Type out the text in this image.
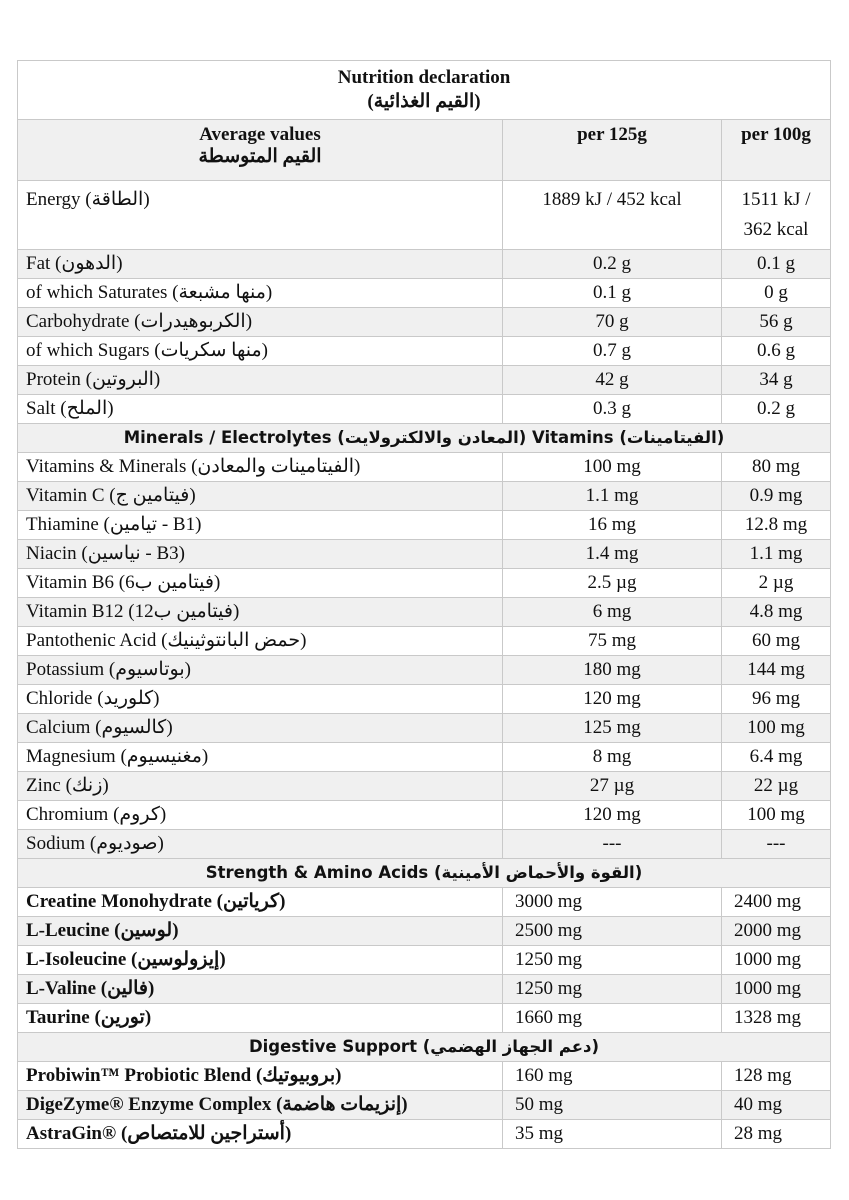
Nutrition declaration
(القيم الغذائية)		

Average values
القيم المتوسطة	per 125g	per 100g
Energy (الطاقة)	1889 kJ / 452 kcal	1511 kJ / 362 kcal
Fat (الدهون)	0.2 g	0.1 g
of which Saturates (منها مشبعة)	0.1 g	0 g
Carbohydrate (الكربوهيدرات)	70 g	56 g
of which Sugars (منها سكريات)	0.7 g	0.6 g
Protein (البروتين)	42 g	34 g
Salt (الملح)	0.3 g	0.2 g
Minerals / Electrolytes (المعادن والالكترولايت) Vitamins (الفيتامينات)		
Vitamins & Minerals (الفيتامينات والمعادن)	100 mg	80 mg
Vitamin C (فيتامين ج)	1.1 mg	0.9 mg
Thiamine (تيامين - B1)	16 mg	12.8 mg
Niacin (نياسين - B3)	1.4 mg	1.1 mg
Vitamin B6 (فيتامين ب6)	2.5 µg	2 µg
Vitamin B12 (فيتامين ب12)	6 mg	4.8 mg
Pantothenic Acid (حمض البانتوثينيك)	75 mg	60 mg
Potassium (بوتاسيوم)	180 mg	144 mg
Chloride (كلوريد)	120 mg	96 mg
Calcium (كالسيوم)	125 mg	100 mg
Magnesium (مغنيسيوم)	8 mg	6.4 mg
Zinc (زنك)	27 µg	22 µg
Chromium (كروم)	120 mg	100 mg
Sodium (صوديوم)	---	---
Strength & Amino Acids (القوة والأحماض الأمينية)		
Creatine Monohydrate (كرياتين)	3000 mg	2400 mg
L-Leucine (لوسين)	2500 mg	2000 mg
L-Isoleucine (إيزولوسين)	1250 mg	1000 mg
L-Valine (فالين)	1250 mg	1000 mg
Taurine (تورين)	1660 mg	1328 mg
Digestive Support (دعم الجهاز الهضمي)		
Probiwin™ Probiotic Blend (بروبيوتيك)	160 mg	128 mg
DigeZyme® Enzyme Complex (إنزيمات هاضمة)	50 mg	40 mg
AstraGin® (أستراجين للامتصاص)	35 mg	28 mg
